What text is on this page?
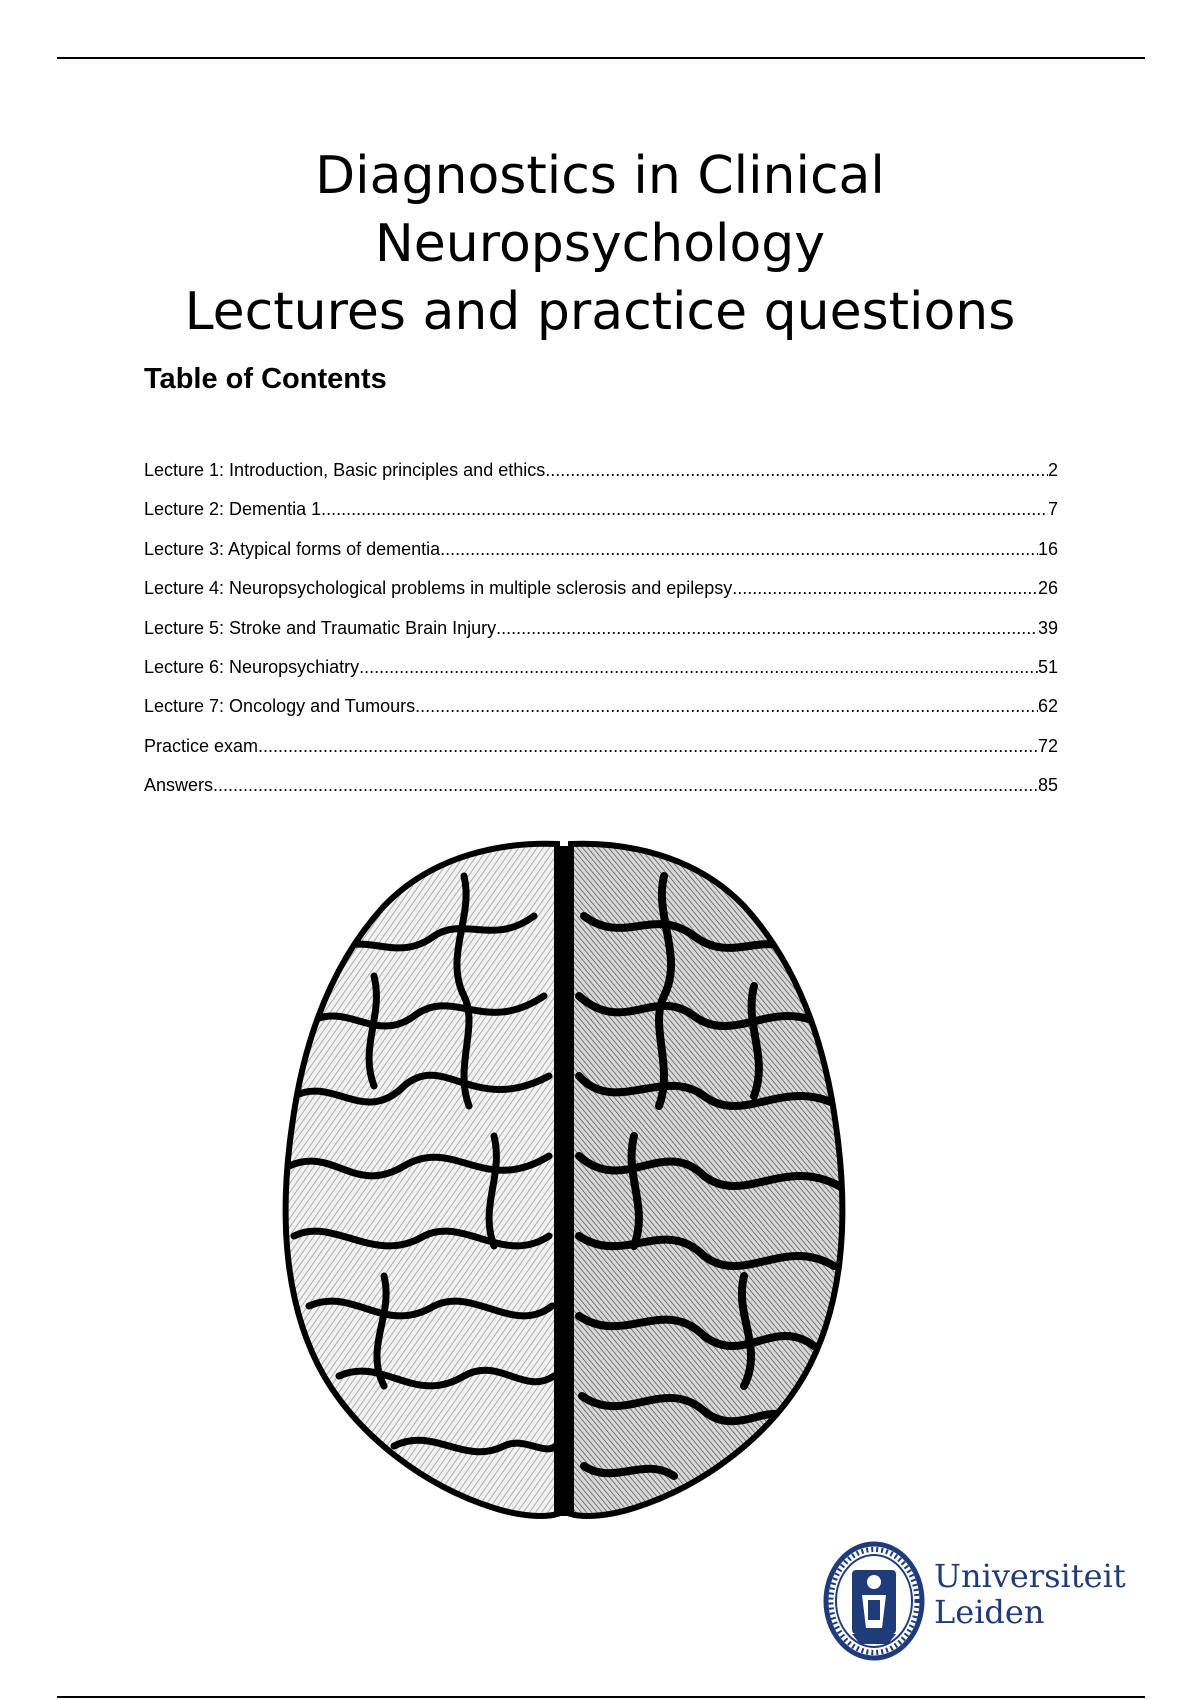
Diagnostics in Clinical
Neuropsychology
Lectures and practice questions
Table of Contents
Lecture 1: Introduction, Basic principles and ethics .....	2
Lecture 2: Dementia 1 .....	7
Lecture 3: Atypical forms of dementia .....	16
Lecture 4: Neuropsychological problems in multiple sclerosis and epilepsy .....	26
Lecture 5: Stroke and Traumatic Brain Injury .....	39
Lecture 6: Neuropsychiatry .....	51
Lecture 7: Oncology and Tumours .....	62
Practice exam .....	72
Answers .....	85
Universiteit
Leiden
